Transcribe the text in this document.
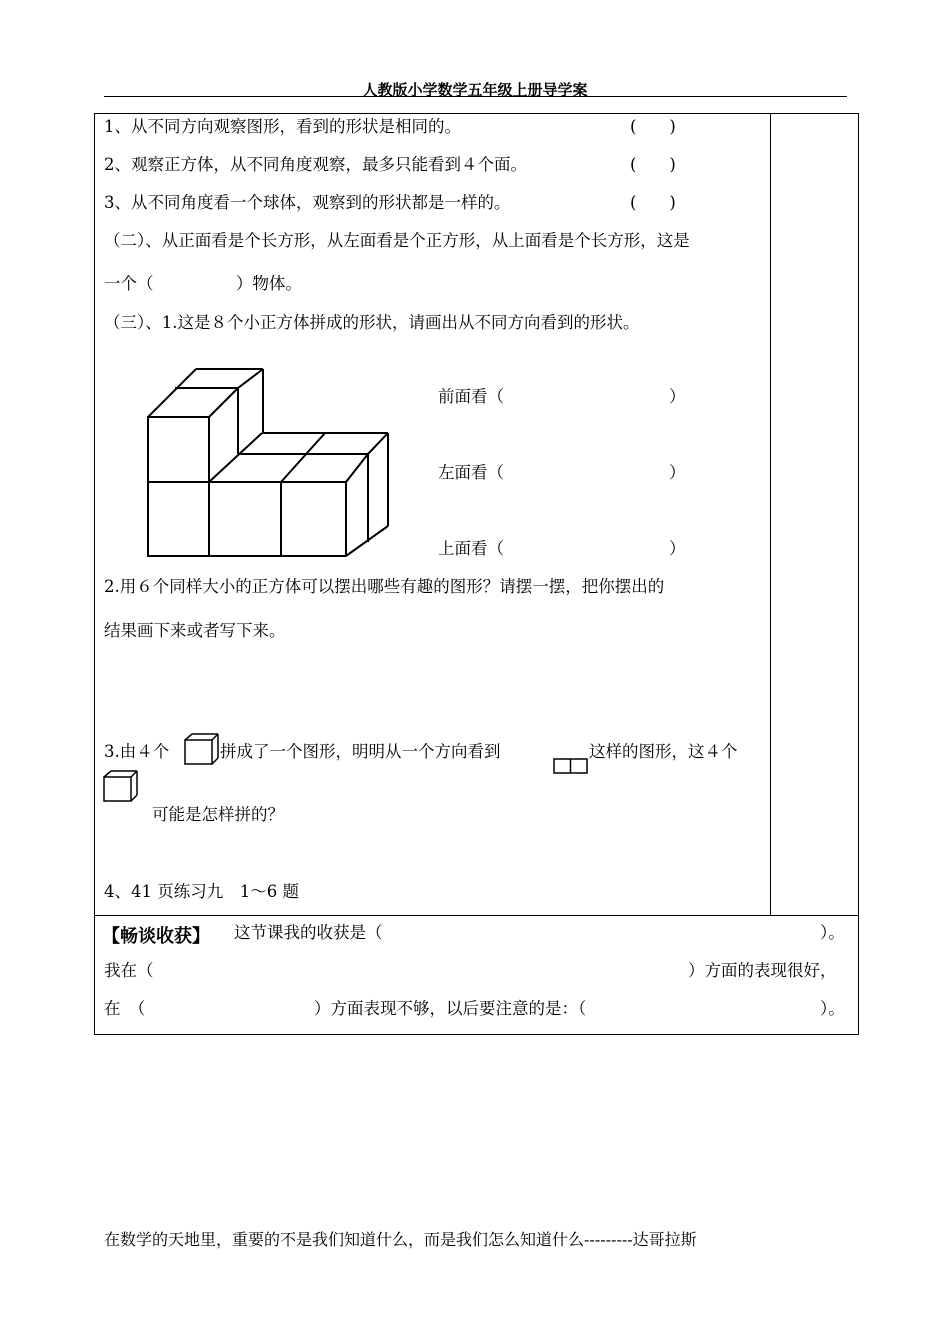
人教版小学数学五年级上册导学案
1、从不同方向观察图形，看到的形状是相同的。	(　　)
2、观察正方体，从不同角度观察，最多只能看到４个面。	(　　)
3、从不同角度看一个球体，观察到的形状都是一样的。	(　　)
（二）、从正面看是个长方形，从左面看是个正方形，从上面看是个长方形，这是
一个（　　　　　）物体。
（三）、1.这是８个小正方体拼成的形状，请画出从不同方向看到的形状。
前面看（　　　　　　　　　　）
左面看（　　　　　　　　　　）
上面看（　　　　　　　　　　）
2.用６个同样大小的正方体可以摆出哪些有趣的图形？请摆一摆，把你摆出的
结果画下来或者写下来。
3.由４个	拼成了一个图形，明明从一个方向看到	这样的图形，这４个
可能是怎样拼的？
4、41 页练习九　1～6 题
【畅谈收获】 这节课我的收获是（	）。
我在（	）方面的表现很好，
在　（	）方面表现不够，以后要注意的是：（	）。
在数学的天地里，重要的不是我们知道什么，而是我们怎么知道什么---------达哥拉斯
